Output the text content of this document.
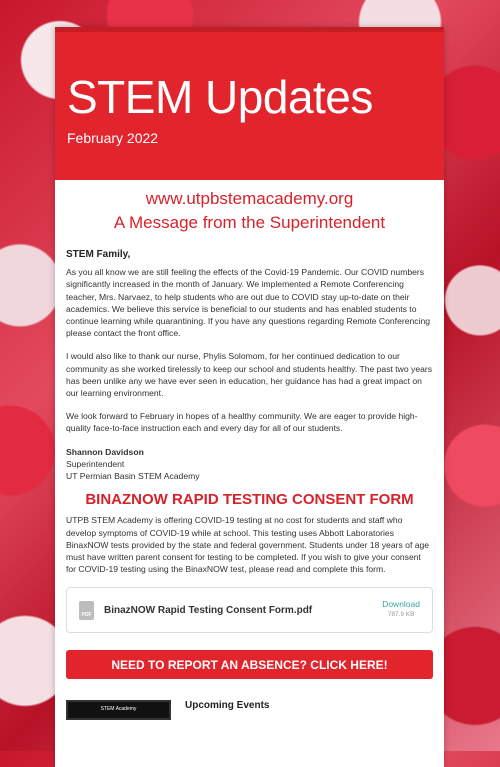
STEM Updates
February 2022
www.utpbstemacademy.org
A Message from the Superintendent
STEM Family,

As you all know we are still feeling the effects of the Covid-19 Pandemic. Our COVID numbers significantly increased in the month of January. We implemented a Remote Conferencing teacher, Mrs. Narvaez, to help students who are out due to COVID stay up-to-date on their academics. We believe this service is beneficial to our students and has enabled students to continue learning while quarantining. If you have any questions regarding Remote Conferencing please contact the front office.

I would also like to thank our nurse, Phylis Solomom, for her continued dedication to our community as she worked tirelessly to keep our school and students healthy. The past two years has been unlike any we have ever seen in education, her guidance has had a great impact on our learning environment.

We look forward to February in hopes of a healthy community. We are eager to provide high-quality face-to-face instruction each and every day for all of our students.

Shannon Davidson
Superintendent
UT Permian Basin STEM Academy
BINAZNOW RAPID TESTING CONSENT FORM

UTPB STEM Academy is offering COVID-19 testing at no cost for students and staff who develop symptoms of COVID-19 while at school. This testing uses Abbott Laboratories BinaxNOW tests provided by the state and federal government. Students under 18 years of age must have written parent consent for testing to be completed. If you wish to give your consent for COVID-19 testing using the BinaxNOW test, please read and complete this form.

PDF BinazNOW Rapid Testing Consent Form.pdf
Download
787.9 KB
NEED TO REPORT AN ABSENCE? CLICK HERE!
STEM Academy	Upcoming Events
